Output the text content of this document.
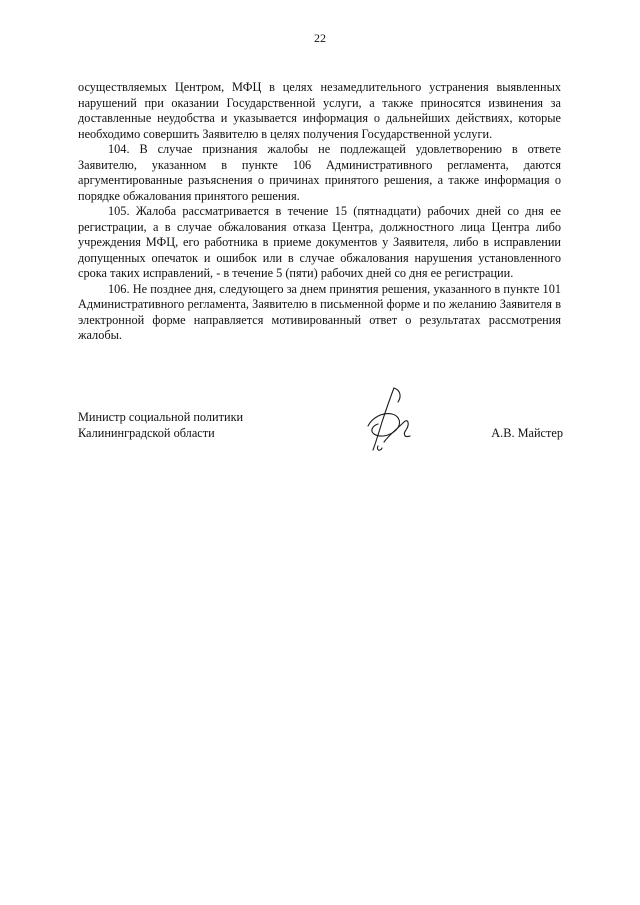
22

осуществляемых Центром, МФЦ в целях незамедлительного устранения выявленных нарушений при оказании Государственной услуги, а также приносятся извинения за доставленные неудобства и указывается информация о дальнейших действиях, которые необходимо совершить Заявителю в целях получения Государственной услуги.

104. В случае признания жалобы не подлежащей удовлетворению в ответе Заявителю, указанном в пункте 106 Административного регламента, даются аргументированные разъяснения о причинах принятого решения, а также информация о порядке обжалования принятого решения.

105. Жалоба рассматривается в течение 15 (пятнадцати) рабочих дней со дня ее регистрации, а в случае обжалования отказа Центра, должностного лица Центра либо учреждения МФЦ, его работника в приеме документов у Заявителя, либо в исправлении допущенных опечаток и ошибок или в случае обжалования нарушения установленного срока таких исправлений, - в течение 5 (пяти) рабочих дней со дня ее регистрации.

106. Не позднее дня, следующего за днем принятия решения, указанного в пункте 101 Административного регламента, Заявителю в письменной форме и по желанию Заявителя в электронной форме направляется мотивированный ответ о результатах рассмотрения жалобы.

Министр социальной политики
Калининградской области	А.В. Майстер
